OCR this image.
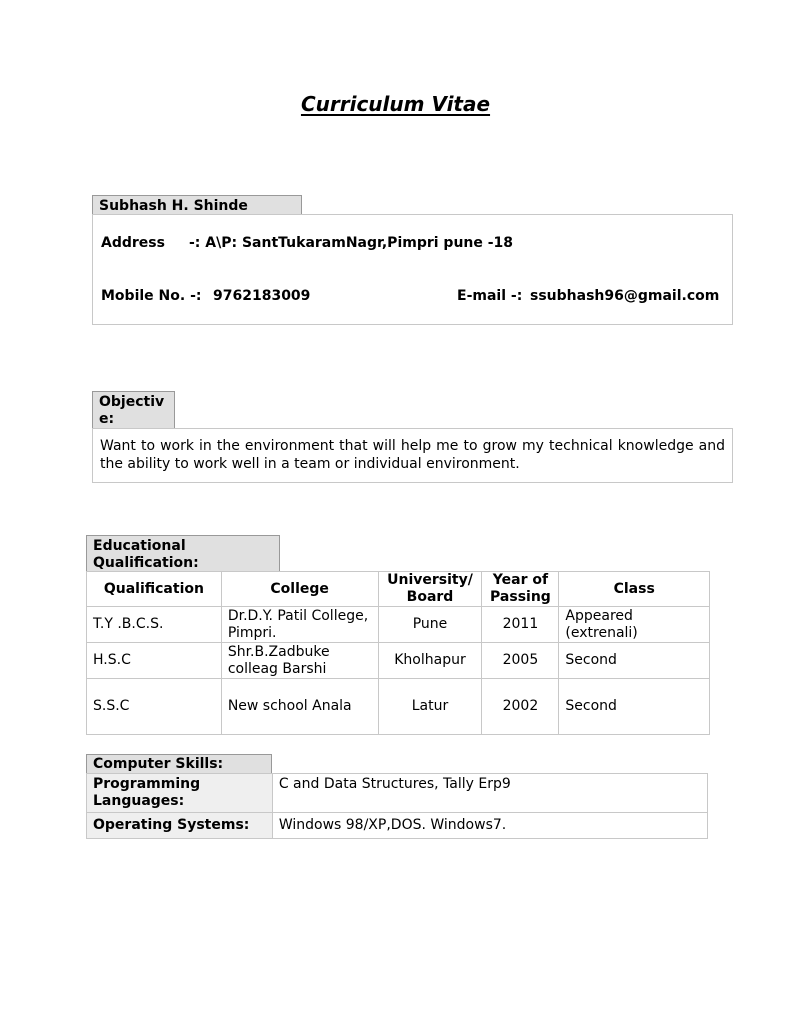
Curriculum Vitae
Subhash H. Shinde
Address -: A\P: SantTukaramNagr,Pimpri pune -18
Mobile No. -: 9762183009	E-mail -: ssubhash96@gmail.com
Objectiv
e:
Want to work in the environment that will help me to grow my technical knowledge and the ability to work well in a team or individual environment.
Educational Qualification:
Qualification	College	University/ Board	Year of Passing	Class
T.Y .B.C.S.	Dr.D.Y. Patil College, Pimpri.	Pune	2011	Appeared (extrenali)
H.S.C	Shr.B.Zadbuke colleag Barshi	Kholhapur	2005	Second
S.S.C	New school Anala	Latur	2002	Second
Computer Skills:
Programming Languages:	C and Data Structures, Tally Erp9
Operating Systems:	Windows 98/XP,DOS. Windows7.
